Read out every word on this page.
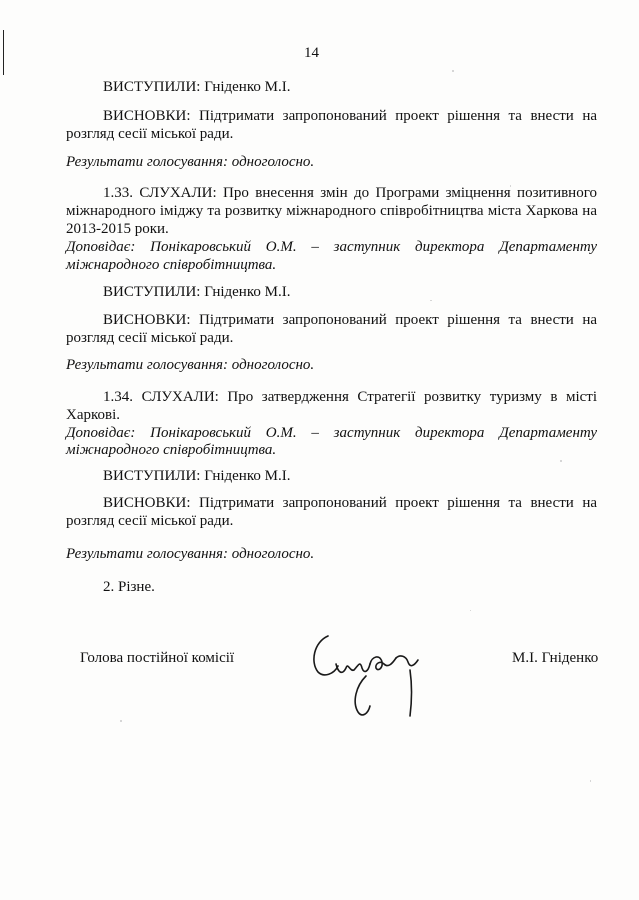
14
ВИСТУПИЛИ: Гніденко М.І.
ВИСНОВКИ: Підтримати запропонований проект рішення та внести на
розгляд сесії міської ради.
Результати голосування: одноголосно.
1.33. СЛУХАЛИ: Про внесення змін до Програми зміцнення позитивного
міжнародного іміджу та розвитку міжнародного співробітництва міста Харкова на
2013-2015 роки.
Доповідає: Понікаровський О.М. – заступник директора Департаменту
міжнародного співробітництва.
ВИСТУПИЛИ: Гніденко М.І.
ВИСНОВКИ: Підтримати запропонований проект рішення та внести на
розгляд сесії міської ради.
Результати голосування: одноголосно.
1.34. СЛУХАЛИ: Про затвердження Стратегії розвитку туризму в місті
Харкові.
Доповідає: Понікаровський О.М. – заступник директора Департаменту
міжнародного співробітництва.
ВИСТУПИЛИ: Гніденко М.І.
ВИСНОВКИ: Підтримати запропонований проект рішення та внести на
розгляд сесії міської ради.
Результати голосування: одноголосно.
2. Різне.
Голова постійної комісії	М.І. Гніденко
